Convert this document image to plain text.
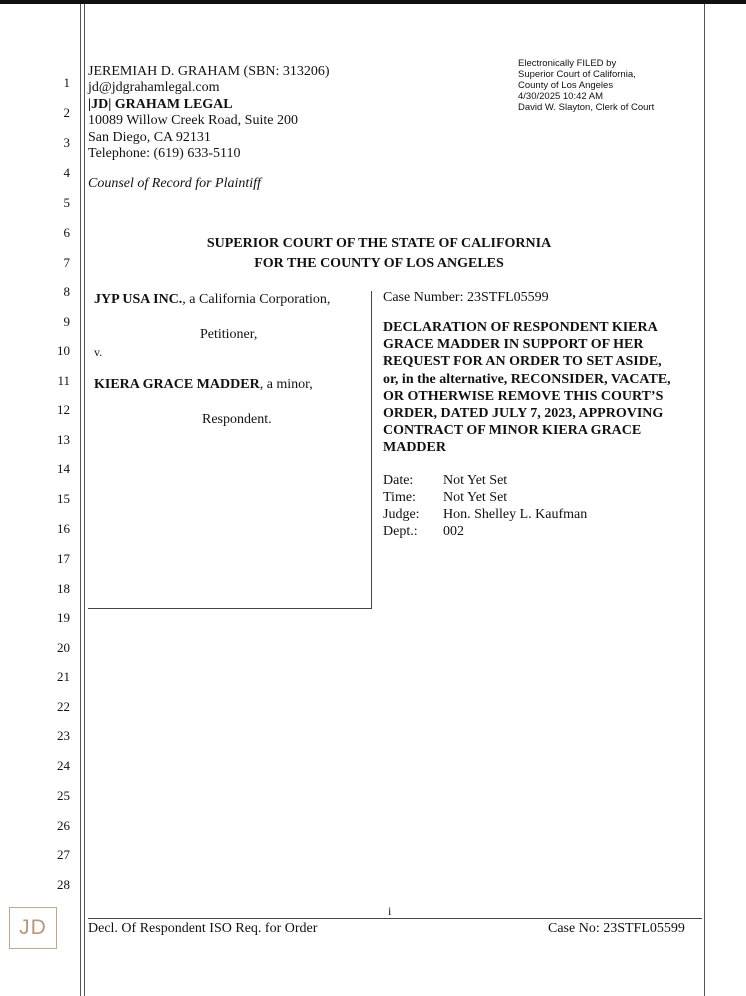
1
2
3
4
5
6
7
8
9
10
11
12
13
14
15
16
17
18
19
20
21
22
23
24
25
26
27
28
JEREMIAH D. GRAHAM (SBN: 313206)
jd@jdgrahamlegal.com
|JD| GRAHAM LEGAL
10089 Willow Creek Road, Suite 200
San Diego, CA 92131
Telephone: (619) 633-5110
Counsel of Record for Plaintiff
Electronically FILED by
Superior Court of California,
County of Los Angeles
4/30/2025 10:42 AM
David W. Slayton, Clerk of Court
SUPERIOR COURT OF THE STATE OF CALIFORNIA
FOR THE COUNTY OF LOS ANGELES
JYP USA INC., a California Corporation,
Petitioner,
v.
KIERA GRACE MADDER, a minor,
Respondent.
Case Number: 23STFL05599
DECLARATION OF RESPONDENT KIERA
GRACE MADDER IN SUPPORT OF HER
REQUEST FOR AN ORDER TO SET ASIDE,
or, in the alternative, RECONSIDER, VACATE,
OR OTHERWISE REMOVE THIS COURT’S
ORDER, DATED JULY 7, 2023, APPROVING
CONTRACT OF MINOR KIERA GRACE
MADDER
Date: Not Yet Set
Time: Not Yet Set
Judge: Hon. Shelley L. Kaufman
Dept.: 002
i
Decl. Of Respondent ISO Req. for Order	Case No: 23STFL05599
JD
